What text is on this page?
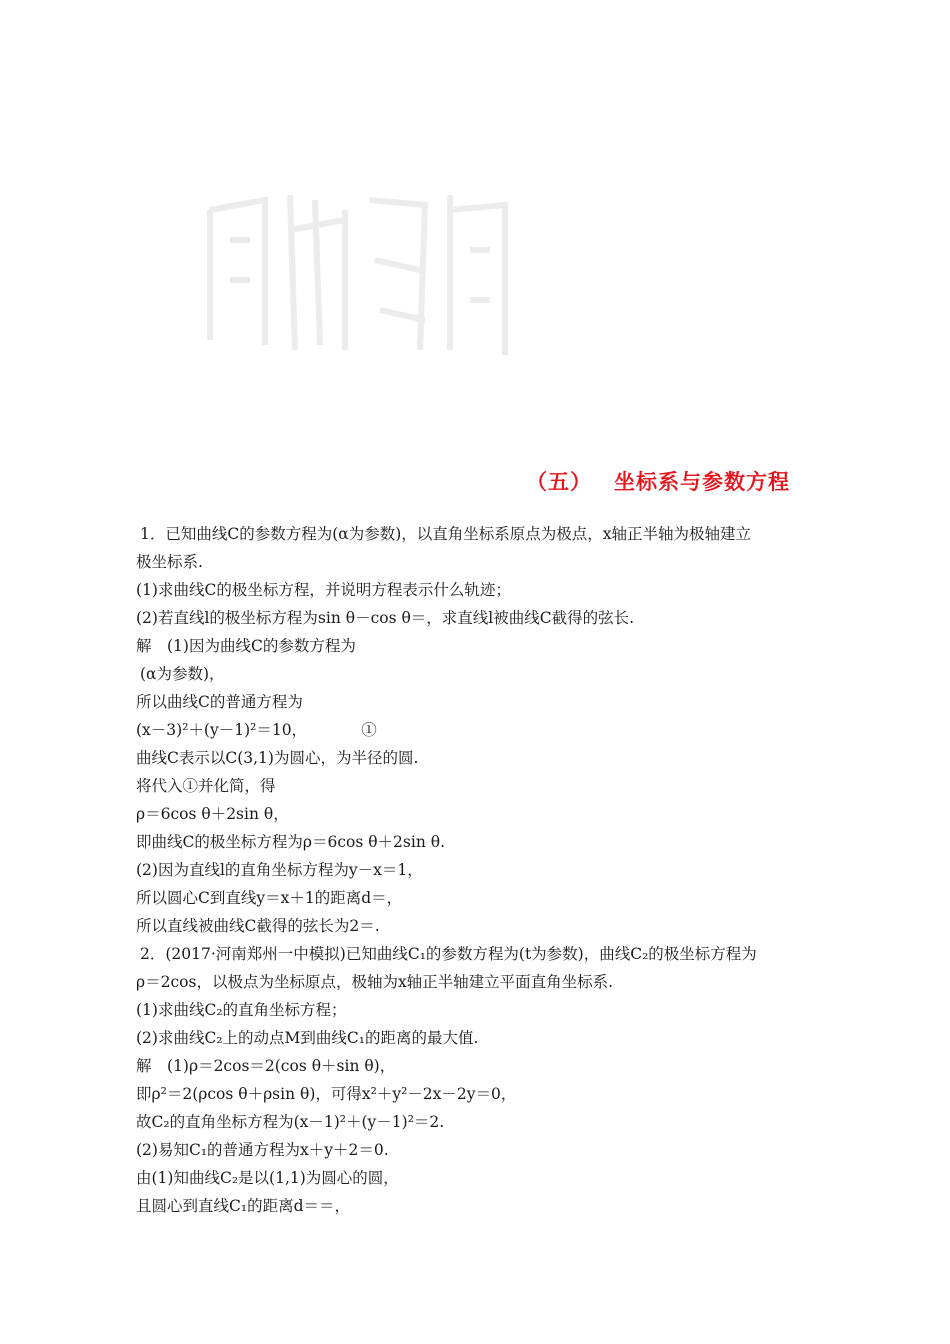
（五） 坐标系与参数方程
1．已知曲线C的参数方程为(α为参数)，以直角坐标系原点为极点，x轴正半轴为极轴建立
极坐标系.
(1)求曲线C的极坐标方程，并说明方程表示什么轨迹；
(2)若直线l的极坐标方程为sin θ－cos θ＝，求直线l被曲线C截得的弦长.
解　(1)因为曲线C的参数方程为
(α为参数)，
所以曲线C的普通方程为
(x－3)²＋(y－1)²＝10，　　　　①
曲线C表示以C(3,1)为圆心，为半径的圆.
将代入①并化简，得
ρ＝6cos θ＋2sin θ，
即曲线C的极坐标方程为ρ＝6cos θ＋2sin θ.
(2)因为直线l的直角坐标方程为y－x＝1，
所以圆心C到直线y＝x＋1的距离d＝，
所以直线被曲线C截得的弦长为2＝.
2．(2017·河南郑州一中模拟)已知曲线C₁的参数方程为(t为参数)，曲线C₂的极坐标方程为
ρ＝2cos，以极点为坐标原点，极轴为x轴正半轴建立平面直角坐标系.
(1)求曲线C₂的直角坐标方程；
(2)求曲线C₂上的动点M到曲线C₁的距离的最大值.
解　(1)ρ＝2cos＝2(cos θ＋sin θ)，
即ρ²＝2(ρcos θ＋ρsin θ)，可得x²＋y²－2x－2y＝0，
故C₂的直角坐标方程为(x－1)²＋(y－1)²＝2.
(2)易知C₁的普通方程为x＋y＋2＝0.
由(1)知曲线C₂是以(1,1)为圆心的圆，
且圆心到直线C₁的距离d＝＝，
